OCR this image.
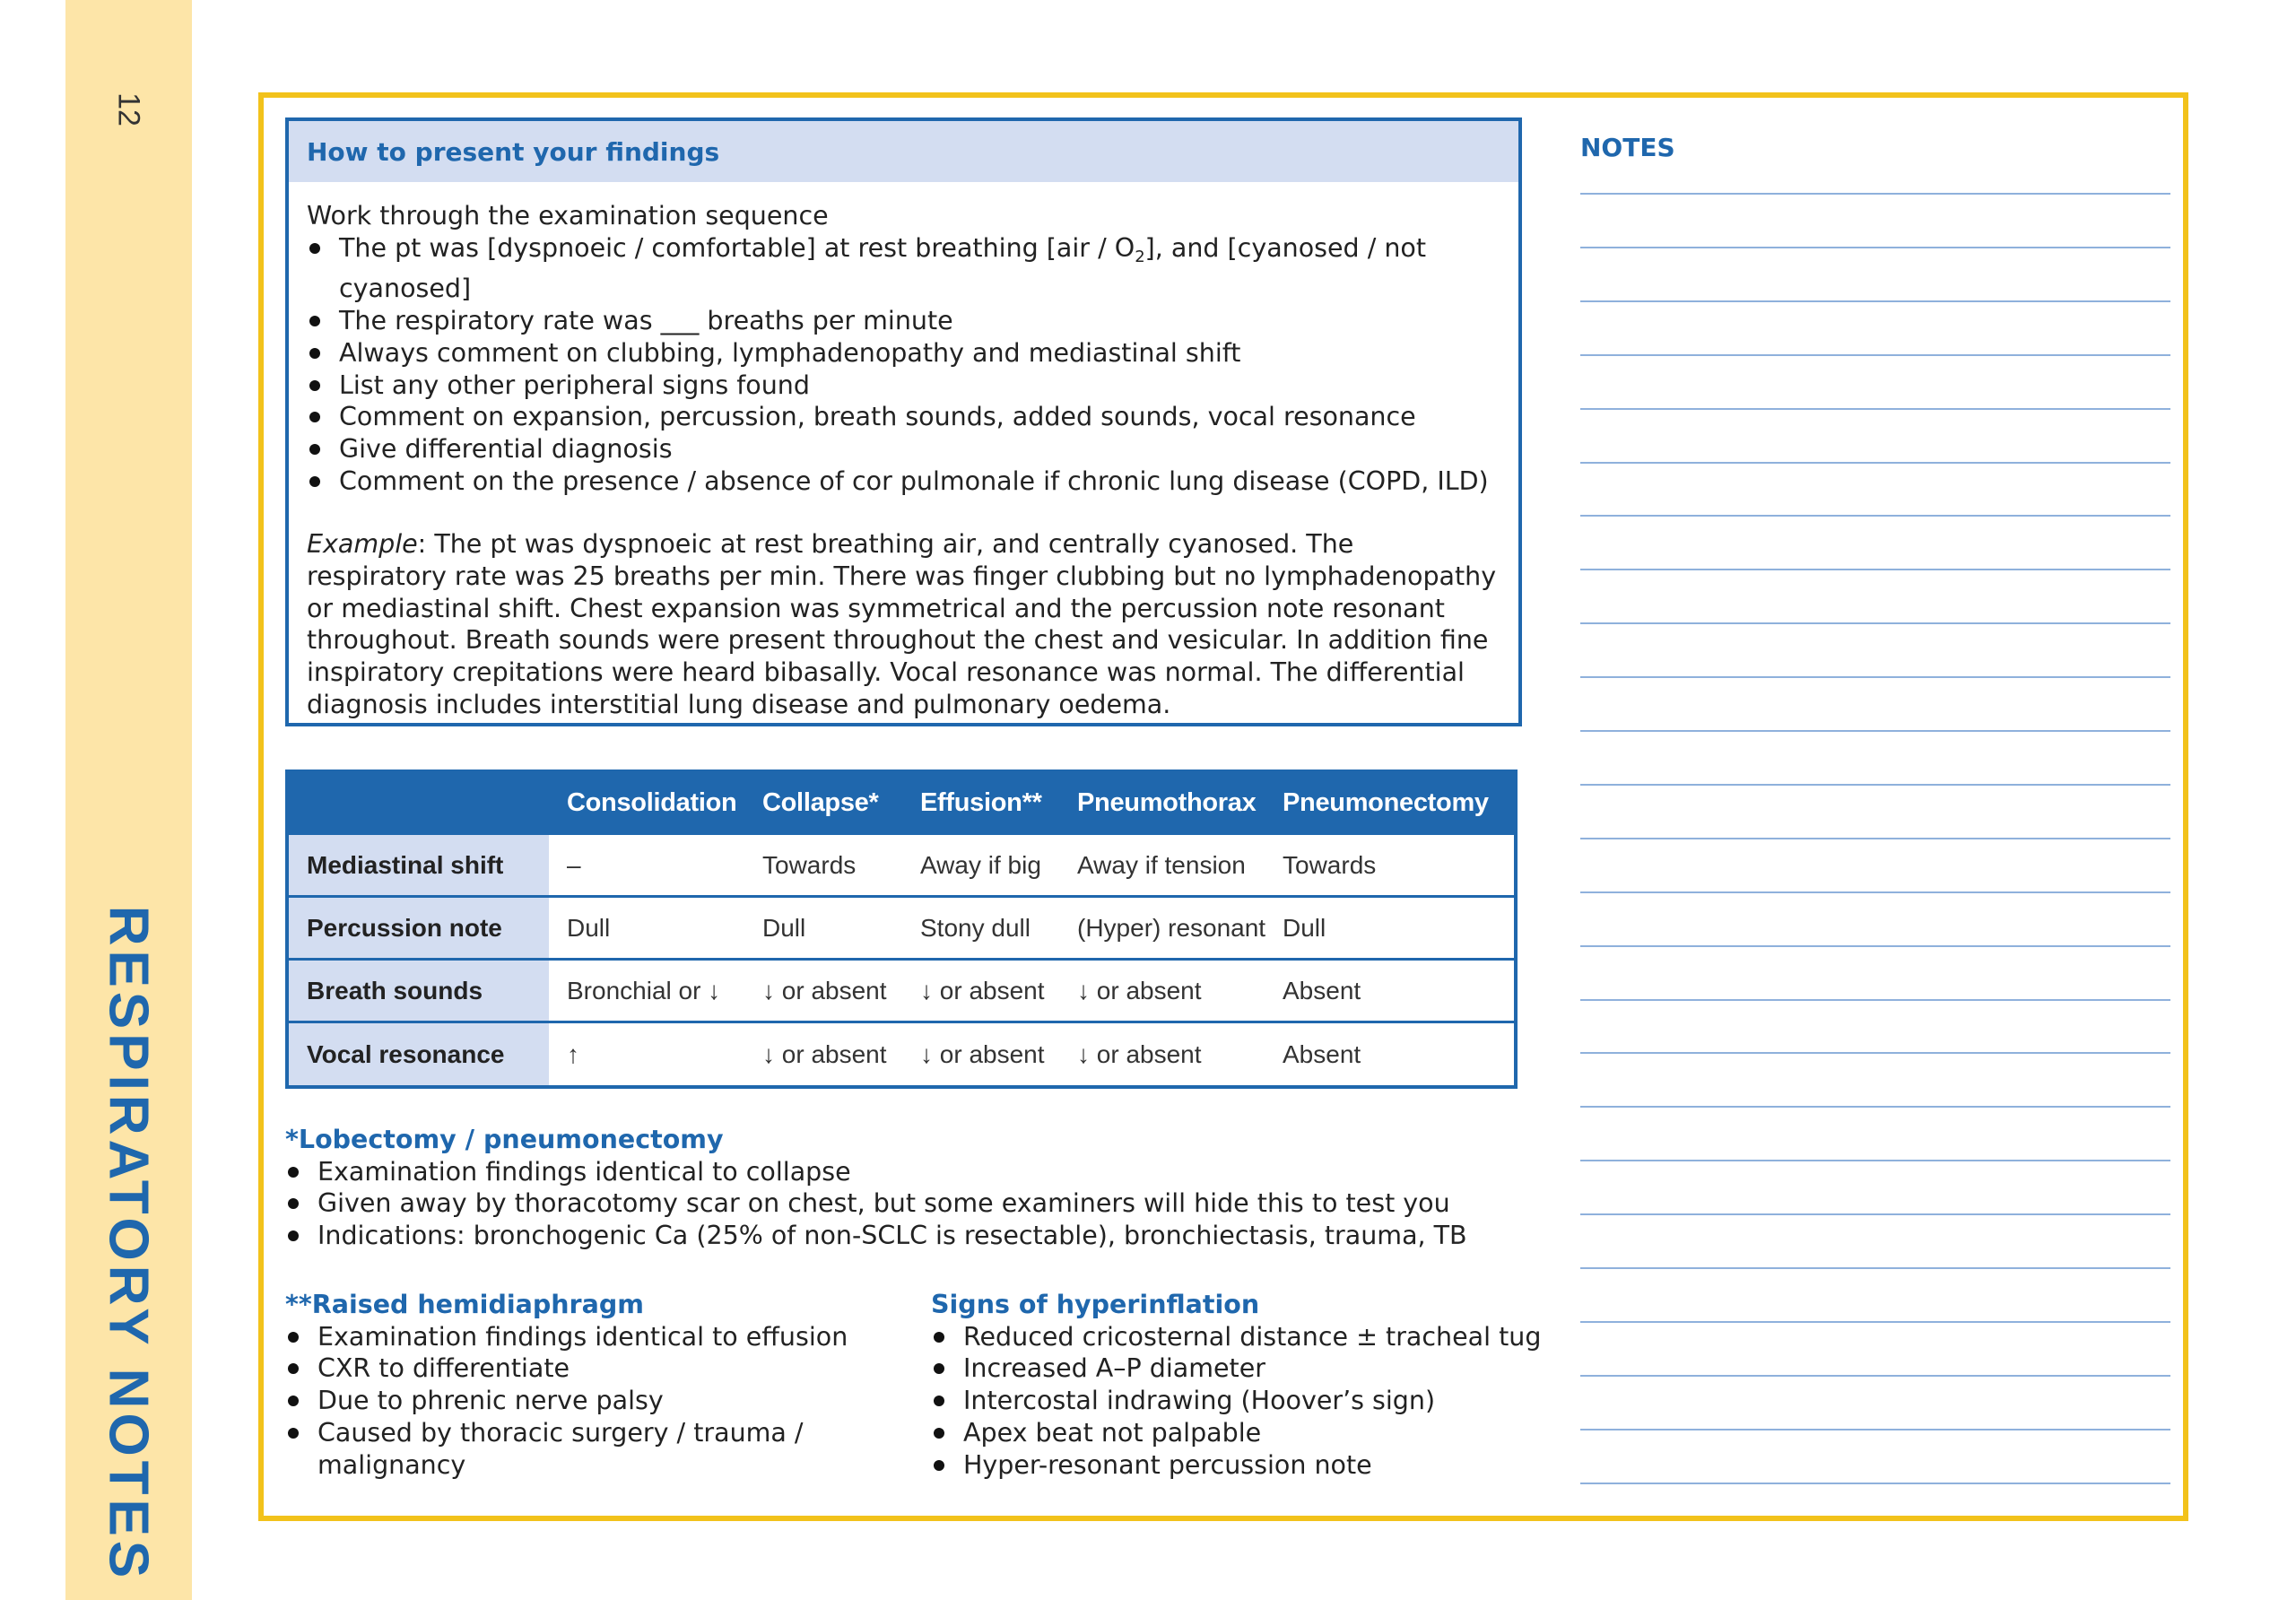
12
RESPIRATORY NOTES
How to present your findings
Work through the examination sequence
The pt was [dyspnoeic / comfortable] at rest breathing $[air / O_2]$, and [cyanosed / not cyanosed]
The respiratory rate was ___ breaths per minute
Always comment on clubbing, lymphadenopathy and mediastinal shift
List any other peripheral signs found
Comment on expansion, percussion, breath sounds, added sounds, vocal resonance
Give differential diagnosis
Comment on the presence / absence of cor pulmonale if chronic lung disease (COPD, ILD)
Example: The pt was dyspnoeic at rest breathing air, and centrally cyanosed. The respiratory rate was 25 breaths per min. There was finger clubbing but no lymphadenopathy or mediastinal shift. Chest expansion was symmetrical and the percussion note resonant throughout. Breath sounds were present throughout the chest and vesicular. In addition fine inspiratory crepitations were heard bibasally. Vocal resonance was normal. The differential diagnosis includes interstitial lung disease and pulmonary oedema.
	Consolidation	Collapse*	Effusion**	Pneumothorax	Pneumonectomy
Mediastinal shift	–	Towards	Away if big	Away if tension	Towards
Percussion note	Dull	Dull	Stony dull	(Hyper) resonant	Dull
Breath sounds	Bronchial or ↓	↓ or absent	↓ or absent	↓ or absent	Absent
Vocal resonance	↑	↓ or absent	↓ or absent	↓ or absent	Absent
*Lobectomy / pneumonectomy
Examination findings identical to collapse
Given away by thoracotomy scar on chest, but some examiners will hide this to test you
Indications: bronchogenic Ca (25% of non-SCLC is resectable), bronchiectasis, trauma, TB
**Raised hemidiaphragm
Examination findings identical to effusion
CXR to differentiate
Due to phrenic nerve palsy
Caused by thoracic surgery / trauma / malignancy
Signs of hyperinflation
Reduced cricosternal distance ± tracheal tug
Increased A–P diameter
Intercostal indrawing (Hoover’s sign)
Apex beat not palpable
Hyper-resonant percussion note
NOTES
